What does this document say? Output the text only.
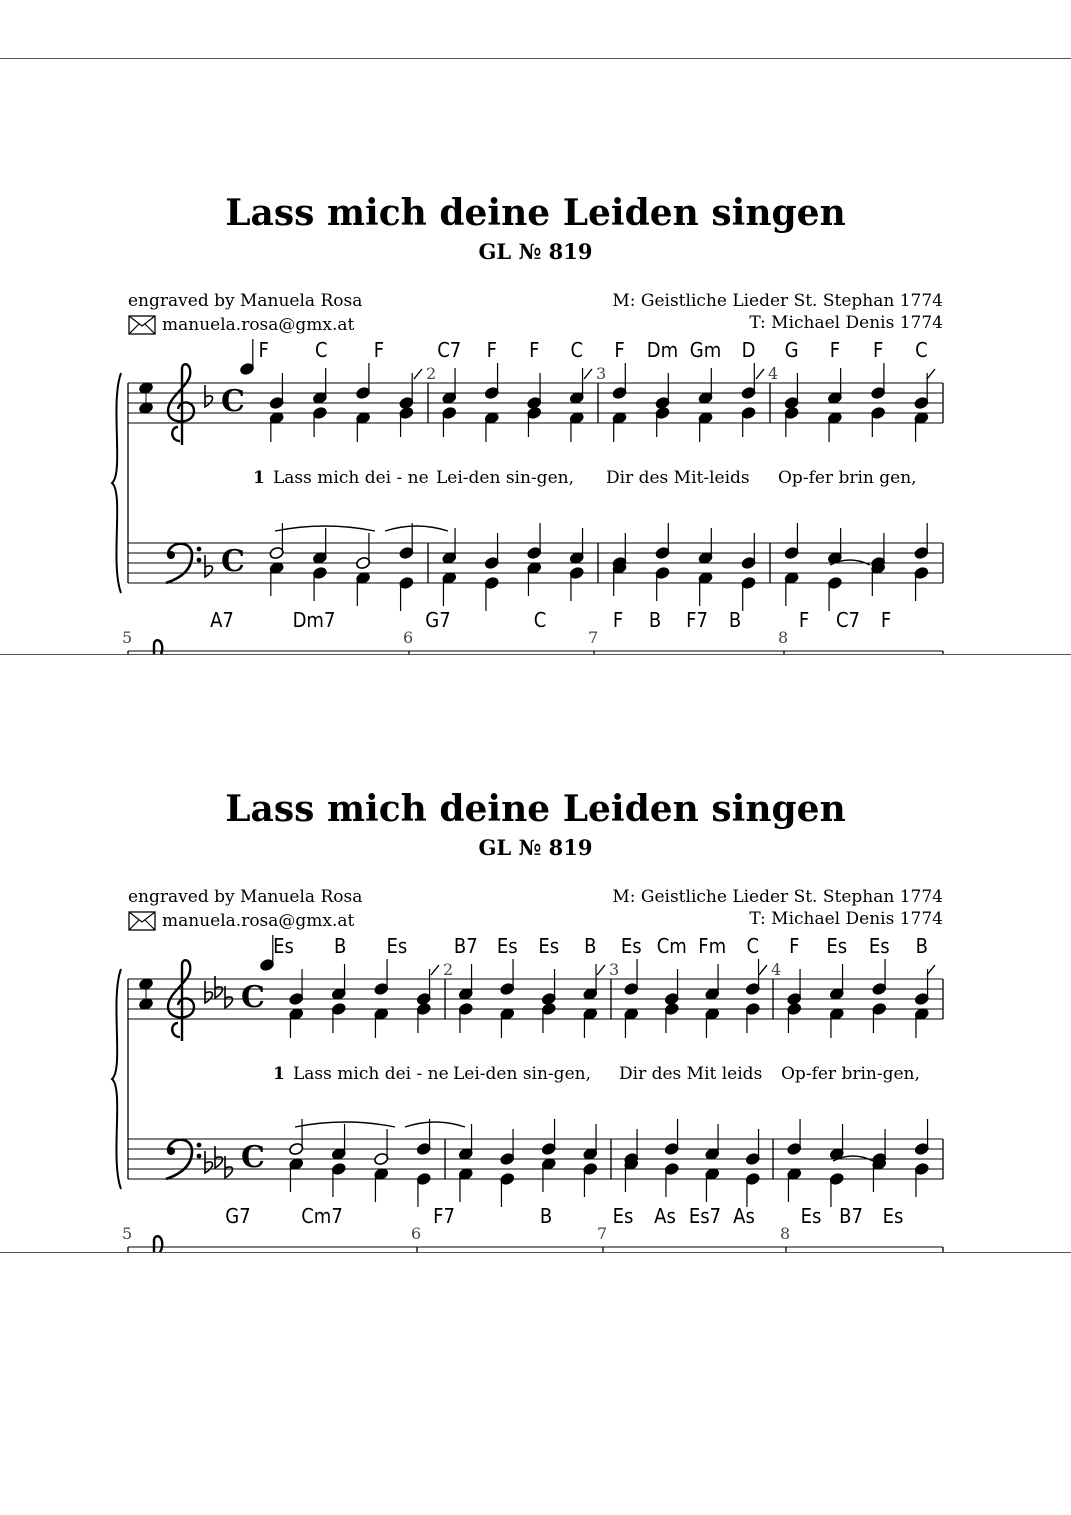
Lass mich deine Leiden singen
GL № 819
engraved by Manuela Rosa
manuela.rosa@gmx.at
M: Geistliche Lieder St. Stephan 1774
T: Michael Denis 1774
C
C
F C F	C7 F F C F Dm Gm D G F F C
2	3	4
1 Lass mich dei - ne Lei-den sin-gen, Dir des Mit-leids Op-fer brin gen,
A7	Dm7	G7	C	F B F7 B	F C7 F
5	6	7	8
Lass mich deine Leiden singen
GL № 819
engraved by Manuela Rosa
manuela.rosa@gmx.at
M: Geistliche Lieder St. Stephan 1774
T: Michael Denis 1774
C
C
Es B Es B7 Es Es B Es Cm Fm C F Es Es B
2	3	4
1 Lass mich dei - ne Lei-den sin-gen, Dir des Mit leids Op-fer brin-gen,
G7	Cm7	F7	B	Es As Es7 As Es B7 Es
5	6	7	8
